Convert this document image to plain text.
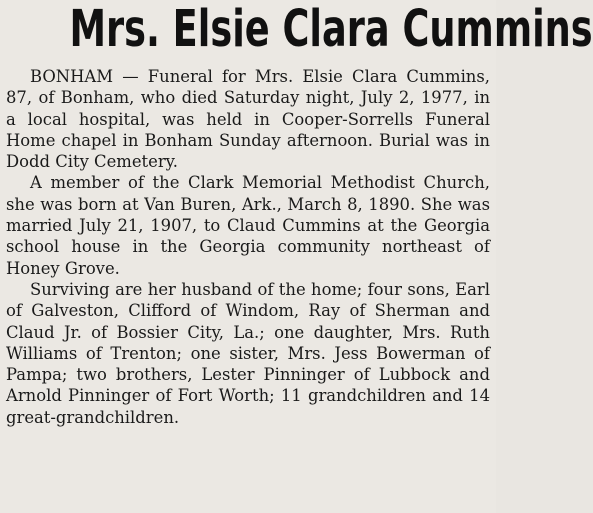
Mrs. Elsie Clara Cummins

BONHAM — Funeral for Mrs. Elsie Clara Cummins, 87, of Bonham, who died Saturday night, July 2, 1977, in a local hospital, was held in Cooper-Sorrells Funeral Home chapel in Bonham Sunday afternoon. Burial was in Dodd City Cemetery.

A member of the Clark Memorial Methodist Church, she was born at Van Buren, Ark., March 8, 1890. She was married July 21, 1907, to Claud Cummins at the Georgia school house in the Georgia community northeast of Honey Grove.

Surviving are her husband of the home; four sons, Earl of Galveston, Clifford of Windom, Ray of Sherman and Claud Jr. of Bossier City, La.; one daughter, Mrs. Ruth Williams of Trenton; one sister, Mrs. Jess Bowerman of Pampa; two brothers, Lester Pinninger of Lubbock and Arnold Pinninger of Fort Worth; 11 grandchildren and 14 great-grandchildren.
